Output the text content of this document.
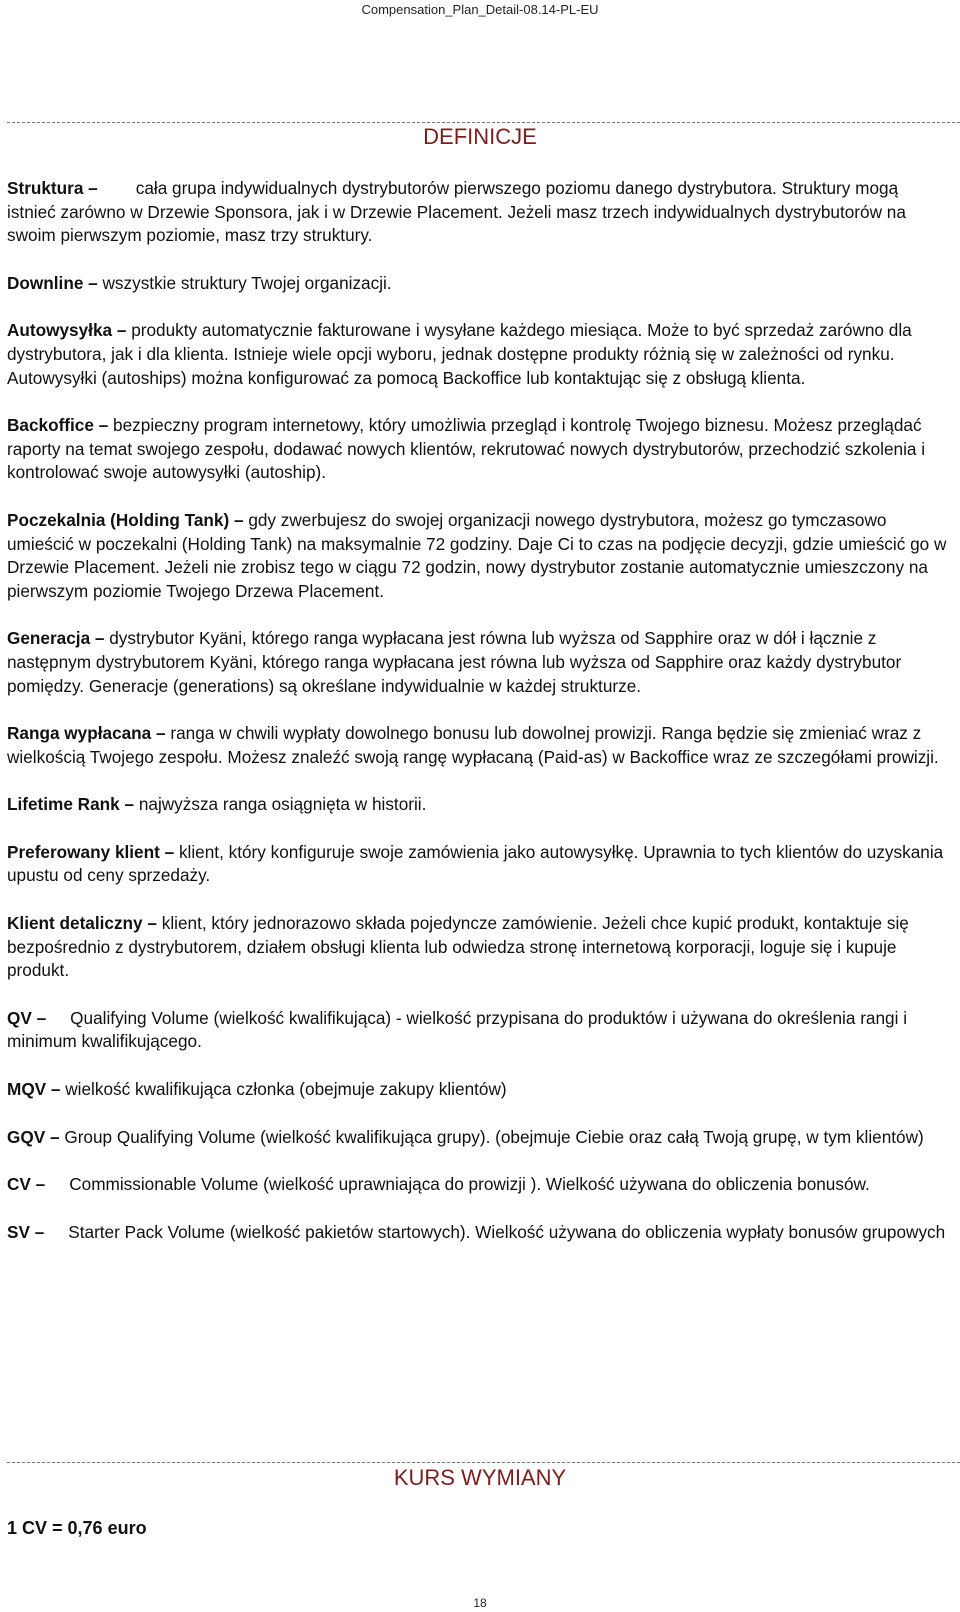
Compensation_Plan_Detail-08.14-PL-EU
DEFINICJE

Struktura – cała grupa indywidualnych dystrybutorów pierwszego poziomu danego dystrybutora. Struktury mogą istnieć zarówno w Drzewie Sponsora, jak i w Drzewie Placement. Jeżeli masz trzech indywidualnych dystrybutorów na swoim pierwszym poziomie, masz trzy struktury.

Downline – wszystkie struktury Twojej organizacji.

Autowysyłka – produkty automatycznie fakturowane i wysyłane każdego miesiąca. Może to być sprzedaż zarówno dla dystrybutora, jak i dla klienta. Istnieje wiele opcji wyboru, jednak dostępne produkty różnią się w zależności od rynku. Autowysyłki (autoships) można konfigurować za pomocą Backoffice lub kontaktując się z obsługą klienta.

Backoffice – bezpieczny program internetowy, który umożliwia przegląd i kontrolę Twojego biznesu. Możesz przeglądać raporty na temat swojego zespołu, dodawać nowych klientów, rekrutować nowych dystrybutorów, przechodzić szkolenia i kontrolować swoje autowysyłki (autoship).

Poczekalnia (Holding Tank) – gdy zwerbujesz do swojej organizacji nowego dystrybutora, możesz go tymczasowo umieścić w poczekalni (Holding Tank) na maksymalnie 72 godziny. Daje Ci to czas na podjęcie decyzji, gdzie umieścić go w Drzewie Placement. Jeżeli nie zrobisz tego w ciągu 72 godzin, nowy dystrybutor zostanie automatycznie umieszczony na pierwszym poziomie Twojego Drzewa Placement.

Generacja – dystrybutor Kyäni, którego ranga wypłacana jest równa lub wyższa od Sapphire oraz w dół i łącznie z następnym dystrybutorem Kyäni, którego ranga wypłacana jest równa lub wyższa od Sapphire oraz każdy dystrybutor pomiędzy. Generacje (generations) są określane indywidualnie w każdej strukturze.

Ranga wypłacana – ranga w chwili wypłaty dowolnego bonusu lub dowolnej prowizji. Ranga będzie się zmieniać wraz z wielkością Twojego zespołu. Możesz znaleźć swoją rangę wypłacaną (Paid-as) w Backoffice wraz ze szczegółami prowizji.

Lifetime Rank – najwyższa ranga osiągnięta w historii.

Preferowany klient – klient, który konfiguruje swoje zamówienia jako autowysyłkę. Uprawnia to tych klientów do uzyskania upustu od ceny sprzedaży.

Klient detaliczny – klient, który jednorazowo składa pojedyncze zamówienie. Jeżeli chce kupić produkt, kontaktuje się bezpośrednio z dystrybutorem, działem obsługi klienta lub odwiedza stronę internetową korporacji, loguje się i kupuje produkt.

QV – Qualifying Volume (wielkość kwalifikująca) - wielkość przypisana do produktów i używana do określenia rangi i minimum kwalifikującego.

MQV – wielkość kwalifikująca członka (obejmuje zakupy klientów)

GQV – Group Qualifying Volume (wielkość kwalifikująca grupy). (obejmuje Ciebie oraz całą Twoją grupę, w tym klientów)

CV – Commissionable Volume (wielkość uprawniająca do prowizji ). Wielkość używana do obliczenia bonusów.

SV – Starter Pack Volume (wielkość pakietów startowych). Wielkość używana do obliczenia wypłaty bonusów grupowych

KURS WYMIANY
1 CV = 0,76 euro
18
